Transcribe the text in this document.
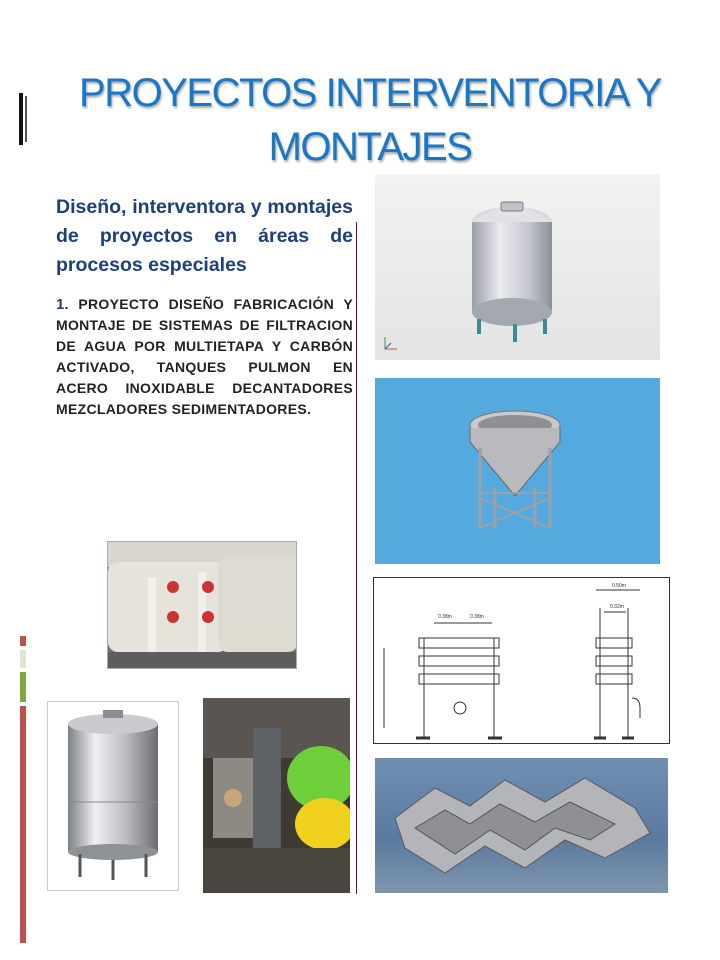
PROYECTOS INTERVENTORIA Y
MONTAJES
Diseño, interventora y montajes de proyectos en áreas de procesos especiales
1. PROYECTO DISEÑO FABRICACIÓN Y MONTAJE DE SISTEMAS DE FILTRACION DE AGUA POR MULTIETAPA Y CARBÓN ACTIVADO, TANQUES PULMON EN ACERO INOXIDABLE DECANTADORES MEZCLADORES SEDIMENTADORES.
0.38m	0.38m
0.50m
0.32m
